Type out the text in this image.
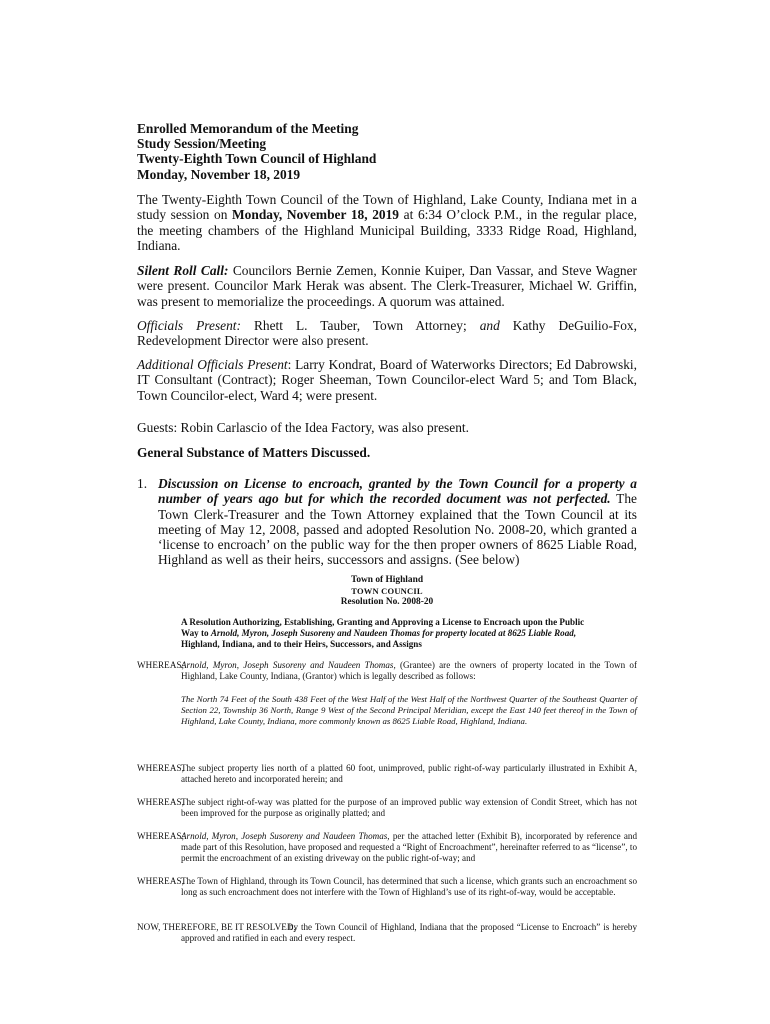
Enrolled Memorandum of the Meeting
Study Session/Meeting
Twenty-Eighth Town Council of Highland
Monday, November 18, 2019
The Twenty-Eighth Town Council of the Town of Highland, Lake County, Indiana met in a study session on Monday, November 18, 2019 at 6:34 O’clock P.M., in the regular place, the meeting chambers of the Highland Municipal Building, 3333 Ridge Road, Highland, Indiana.
Silent Roll Call: Councilors Bernie Zemen, Konnie Kuiper, Dan Vassar, and Steve Wagner were present. Councilor Mark Herak was absent. The Clerk-Treasurer, Michael W. Griffin, was present to memorialize the proceedings. A quorum was attained.
Officials Present: Rhett L. Tauber, Town Attorney; and Kathy DeGuilio-Fox, Redevelopment Director were also present.
Additional Officials Present: Larry Kondrat, Board of Waterworks Directors; Ed Dabrowski, IT Consultant (Contract); Roger Sheeman, Town Councilor-elect Ward 5; and Tom Black, Town Councilor-elect, Ward 4; were present.
Guests: Robin Carlascio of the Idea Factory, was also present.
General Substance of Matters Discussed.
1. Discussion on License to encroach, granted by the Town Council for a property a number of years ago but for which the recorded document was not perfected. The Town Clerk-Treasurer and the Town Attorney explained that the Town Council at its meeting of May 12, 2008, passed and adopted Resolution No. 2008-20, which granted a ‘license to encroach’ on the public way for the then proper owners of 8625 Liable Road, Highland as well as their heirs, successors and assigns. (See below)
Town of Highland
TOWN COUNCIL
Resolution No. 2008-20
A Resolution Authorizing, Establishing, Granting and Approving a License to Encroach upon the Public Way to Arnold, Myron, Joseph Susoreny and Naudeen Thomas for property located at 8625 Liable Road, Highland, Indiana, and to their Heirs, Successors, and Assigns
WHEREAS,
Arnold, Myron, Joseph Susoreny and Naudeen Thomas, (Grantee) are the owners of property located in the Town of Highland, Lake County, Indiana, (Grantor) which is legally described as follows:
The North 74 Feet of the South 438 Feet of the West Half of the West Half of the Northwest Quarter of the Southeast Quarter of Section 22, Township 36 North, Range 9 West of the Second Principal Meridian, except the East 140 feet thereof in the Town of Highland, Lake County, Indiana, more commonly known as 8625 Liable Road, Highland, Indiana.
WHEREAS,
The subject property lies north of a platted 60 foot, unimproved, public right-of-way particularly illustrated in Exhibit A, attached hereto and incorporated herein; and
WHEREAS,
The subject right-of-way was platted for the purpose of an improved public way extension of Condit Street, which has not been improved for the purpose as originally platted; and
WHEREAS,
Arnold, Myron, Joseph Susoreny and Naudeen Thomas, per the attached letter (Exhibit B), incorporated by reference and made part of this Resolution, have proposed and requested a “Right of Encroachment”, hereinafter referred to as “license”, to permit the encroachment of an existing driveway on the public right-of-way; and
WHEREAS,
The Town of Highland, through its Town Council, has determined that such a license, which grants such an encroachment so long as such encroachment does not interfere with the Town of Highland’s use of its right-of-way, would be acceptable.
NOW, THEREFORE, BE IT RESOLVED,
by the Town Council of Highland, Indiana that the proposed “License to Encroach” is hereby approved and ratified in each and every respect.
